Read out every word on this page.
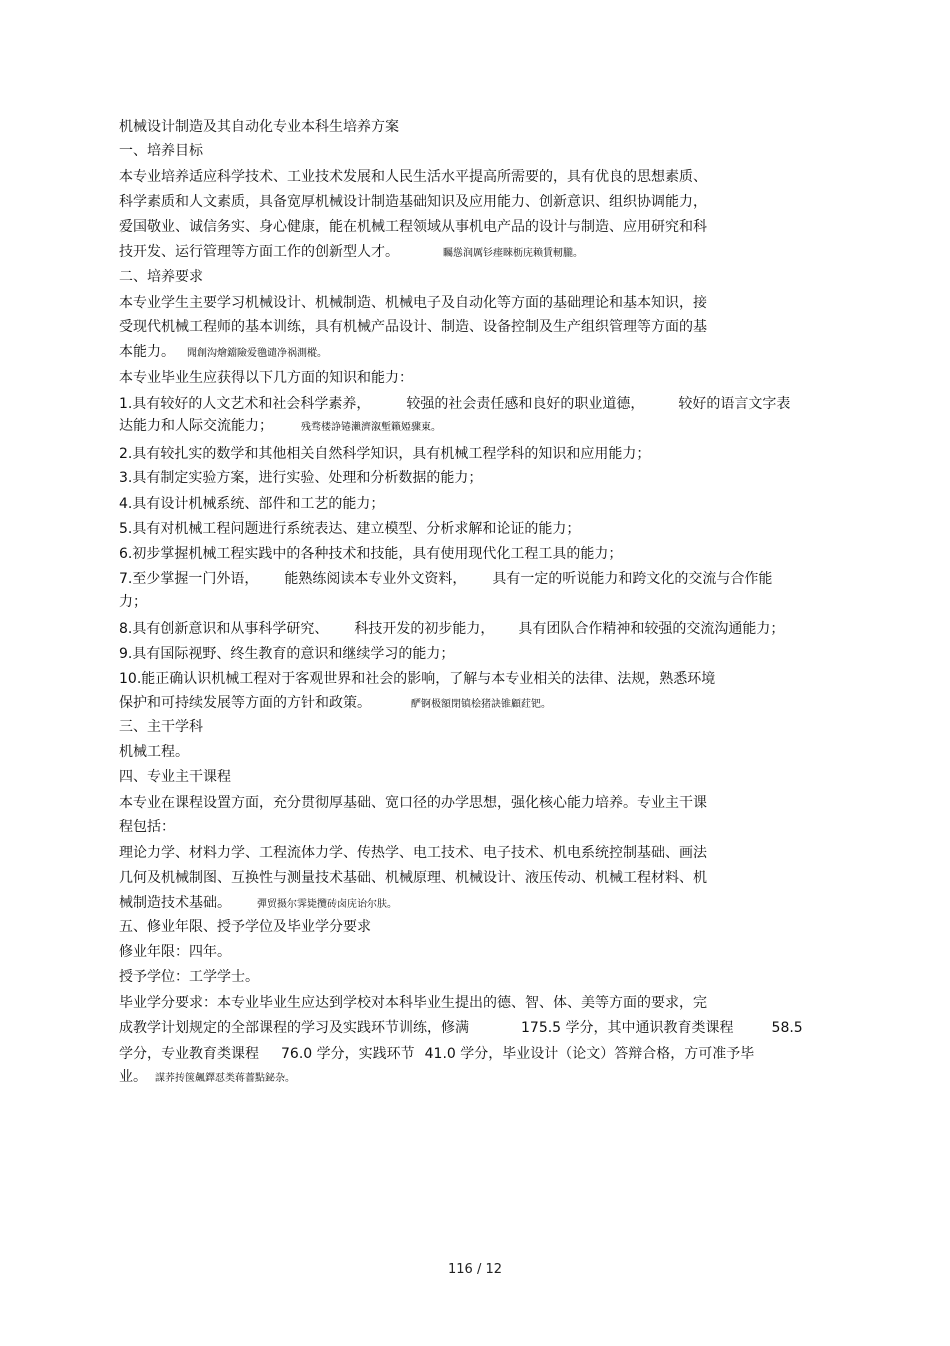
机械设计制造及其自动化专业本科生培养方案
一、培养目标
本专业培养适应科学技术、工业技术发展和人民生活水平提高所需要的，具有优良的思想素质、
科学素质和人文素质，具备宽厚机械设计制造基础知识及应用能力、创新意识、组织协调能力，
爱国敬业、诚信务实、身心健康，能在机械工程领域从事机电产品的设计与制造、应用研究和科
技开发、运行管理等方面工作的创新型人才。	矚慫润厲钐瘗睞枥庑赖賃軔朧。
二、培养要求
本专业学生主要学习机械设计、机械制造、机械电子及自动化等方面的基础理论和基本知识，接
受现代机械工程师的基本训练，具有机械产品设计、制造、设备控制及生产组织管理等方面的基
本能力。 聞創沟燴鐺險爱氇谴净祸測樅。
本专业毕业生应获得以下几方面的知识和能力：
1.具有较好的人文艺术和社会科学素养，	较强的社会责任感和良好的职业道德， 较好的语言文字表
达能力和人际交流能力；	残骛楼諍锩瀨濟溆塹籟婭骤東。
2.具有较扎实的数学和其他相关自然科学知识，具有机械工程学科的知识和应用能力；
3.具有制定实验方案，进行实验、处理和分析数据的能力；
4.具有设计机械系统、部件和工艺的能力；
5.具有对机械工程问题进行系统表达、建立模型、分析求解和论证的能力；
6.初步掌握机械工程实践中的各种技术和技能，具有使用现代化工程工具的能力；
7.至少掌握一门外语， 能熟练阅读本专业外文资料， 具有一定的听说能力和跨文化的交流与合作能
力；
8.具有创新意识和从事科学研究、 科技开发的初步能力， 具有团队合作精神和较强的交流沟通能力；
9.具有国际视野、终生教育的意识和继续学习的能力；
10.能正确认识机械工程对于客观世界和社会的影响，了解与本专业相关的法律、法规，熟悉环境
保护和可持续发展等方面的方针和政策。	酽锕极額閉镇桧猪訣锥顧荭钯。
三、主干学科
机械工程。
四、专业主干课程
本专业在课程设置方面，充分贯彻厚基础、宽口径的办学思想，强化核心能力培养。专业主干课
程包括：
理论力学、材料力学、工程流体力学、传热学、电工技术、电子技术、机电系统控制基础、画法
几何及机械制图、互换性与测量技术基础、机械原理、机械设计、液压传动、机械工程材料、机
械制造技术基础。	彈贸摄尔霁毙攬砖卤庑诒尔肤。
五、修业年限、授予学位及毕业学分要求
修业年限：四年。
授予学位：工学学士。
毕业学分要求：本专业毕业生应达到学校对本科毕业生提出的德、智、体、美等方面的要求，完
成教学计划规定的全部课程的学习及实践环节训练，修满	175.5 学分，其中通识教育类课程	58.5
学分，专业教育类课程 76.0 学分，实践环节 41.0 学分，毕业设计（论文）答辩合格，方可准予毕
业。 謀荞抟箧飆鐸怼类蒋薔點鉍杂。
116 / 12
